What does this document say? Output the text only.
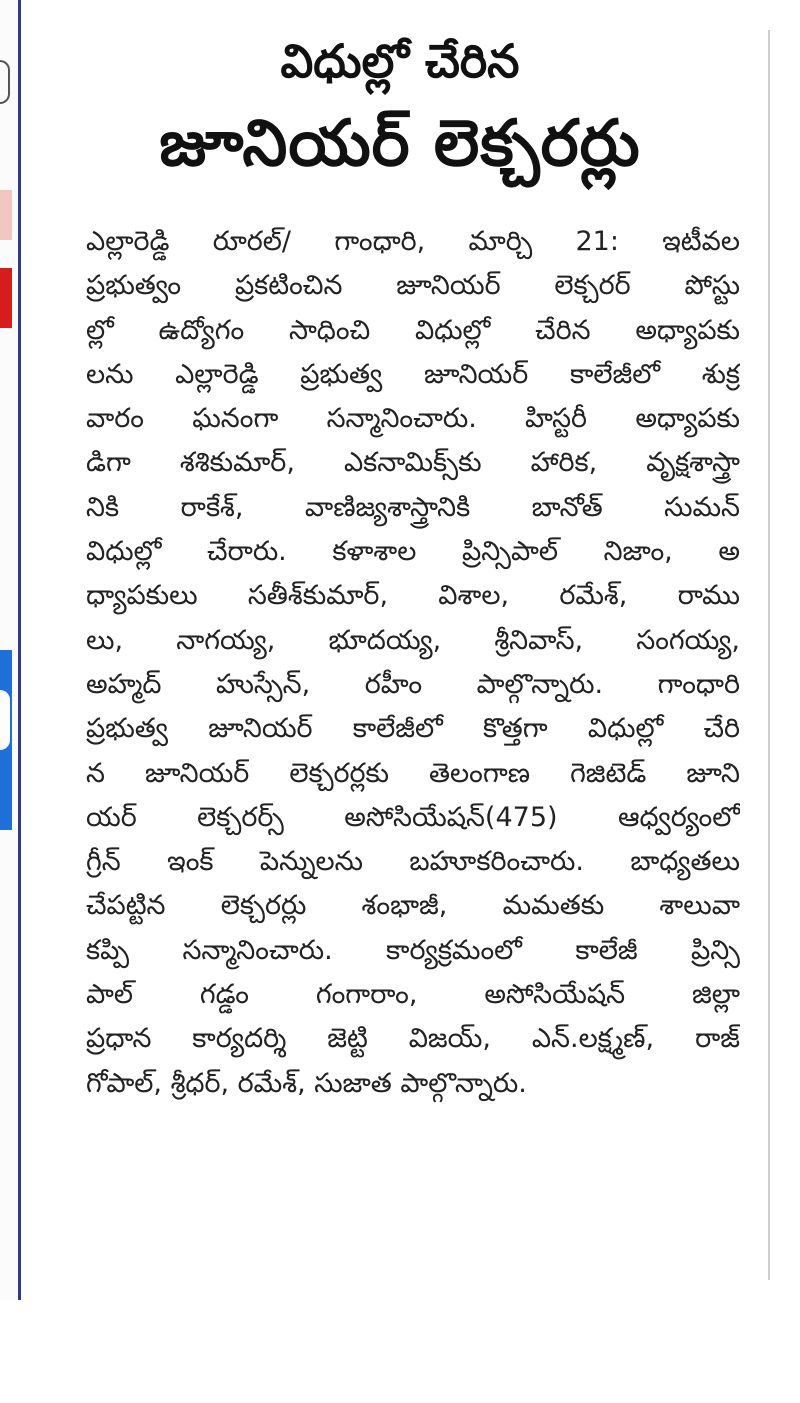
విధుల్లో చేరిన
జూనియర్ లెక్చరర్లు
ఎల్లారెడ్డి రూరల్/ గాంధారి, మార్చి 21: ఇటీవల
ప్రభుత్వం ప్రకటించిన జూనియర్ లెక్చరర్ పోస్టు
ల్లో ఉద్యోగం సాధించి విధుల్లో చేరిన అధ్యాపకు
లను ఎల్లారెడ్డి ప్రభుత్వ జూనియర్ కాలేజీలో శుక్ర
వారం ఘనంగా సన్మానించారు. హిస్టరీ అధ్యాపకు
డిగా శశికుమార్, ఎకనామిక్స్‌కు హారిక, వృక్షశాస్త్రా
నికి రాకేశ్, వాణిజ్యశాస్త్రానికి బానోత్ సుమన్
విధుల్లో చేరారు. కళాశాల ప్రిన్సిపాల్ నిజాం, అ
ధ్యాపకులు సతీశ్‌కుమార్, విశాల, రమేశ్, రాము
లు, నాగయ్య, భూదయ్య, శ్రీనివాస్, సంగయ్య,
అహ్మద్ హుస్సేన్, రహీం పాల్గొన్నారు. గాంధారి
ప్రభుత్వ జూనియర్ కాలేజీలో కొత్తగా విధుల్లో చేరి
న జూనియర్ లెక్చరర్లకు తెలంగాణ గెజిటెడ్ జూని
యర్ లెక్చరర్స్ అసోసియేషన్(475) ఆధ్వర్యంలో
గ్రీన్ ఇంక్ పెన్నులను బహూకరించారు. బాధ్యతలు
చేపట్టిన లెక్చరర్లు శంభాజీ, మమతకు శాలువా
కప్పి సన్మానించారు. కార్యక్రమంలో కాలేజీ ప్రిన్సి
పాల్ గడ్డం గంగారాం, అసోసియేషన్ జిల్లా
ప్రధాన కార్యదర్శి జెట్టి విజయ్, ఎన్.లక్ష్మణ్, రాజ్
గోపాల్, శ్రీధర్, రమేశ్, సుజాత పాల్గొన్నారు.
